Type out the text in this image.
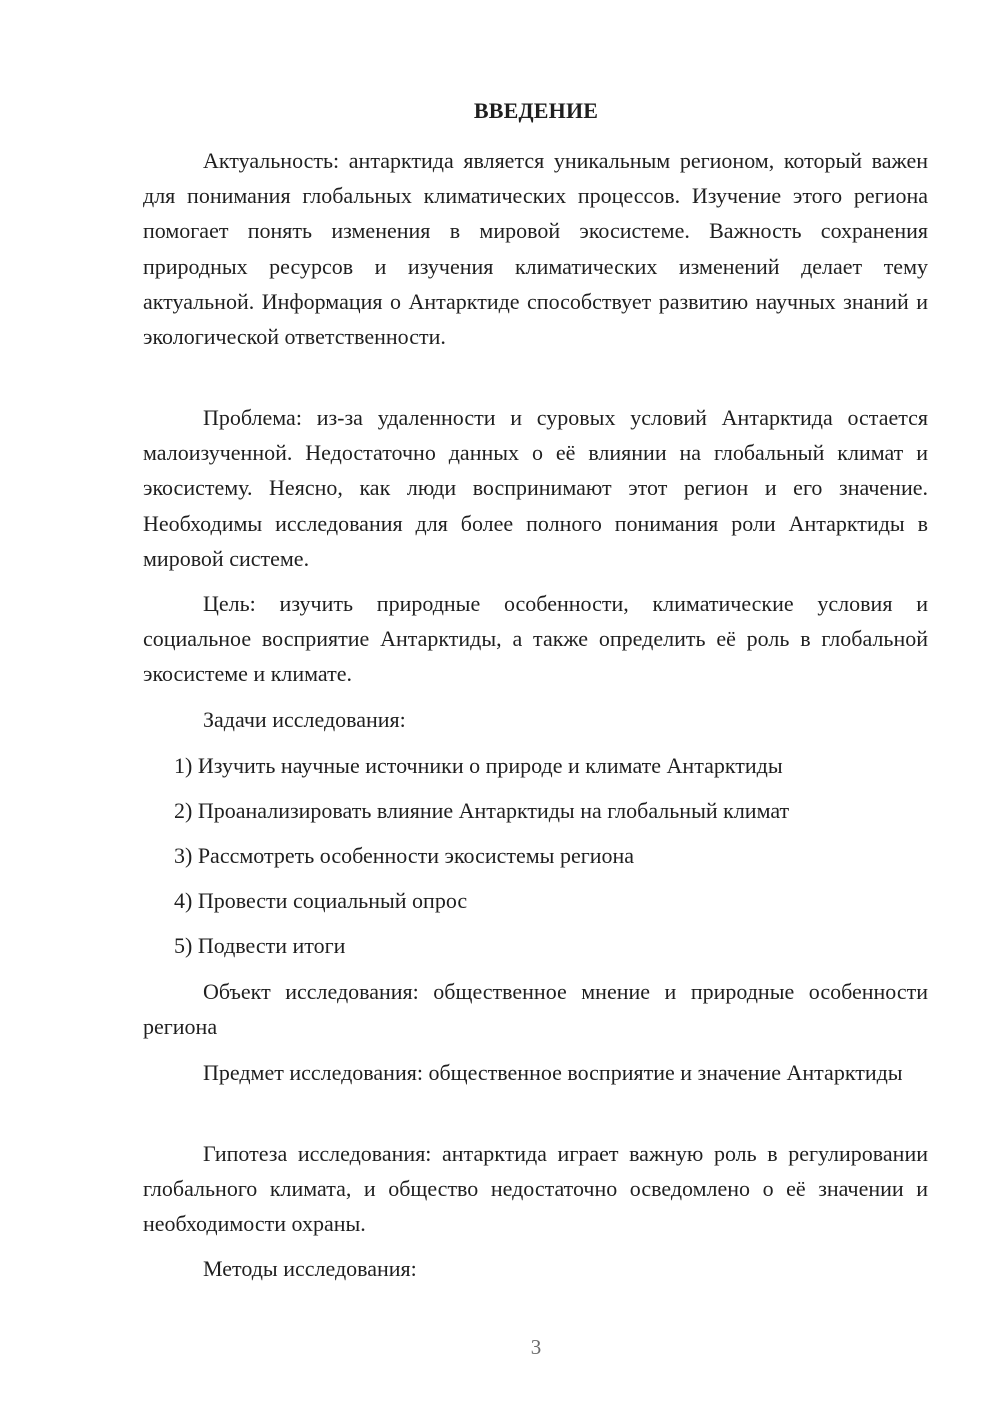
ВВЕДЕНИЕ

Актуальность: антарктида является уникальным регионом, который важен для понимания глобальных климатических процессов. Изучение этого региона помогает понять изменения в мировой экосистеме. Важность сохранения природных ресурсов и изучения климатических изменений делает тему актуальной. Информация о Антарктиде способствует развитию научных знаний и экологической ответственности.

Проблема: из-за удаленности и суровых условий Антарктида остается малоизученной. Недостаточно данных о её влиянии на глобальный климат и экосистему. Неясно, как люди воспринимают этот регион и его значение. Необходимы исследования для более полного понимания роли Антарктиды в мировой системе.

Цель: изучить природные особенности, климатические условия и социальное восприятие Антарктиды, а также определить её роль в глобальной экосистеме и климате.

Задачи исследования:

1) Изучить научные источники о природе и климате Антарктиды

2) Проанализировать влияние Антарктиды на глобальный климат

3) Рассмотреть особенности экосистемы региона

4) Провести социальный опрос

5) Подвести итоги

Объект исследования: общественное мнение и природные особенности региона

Предмет исследования: общественное восприятие и значение Антарктиды

Гипотеза исследования: антарктида играет важную роль в регулировании глобального климата, и общество недостаточно осведомлено о её значении и необходимости охраны.

Методы исследования:

3
